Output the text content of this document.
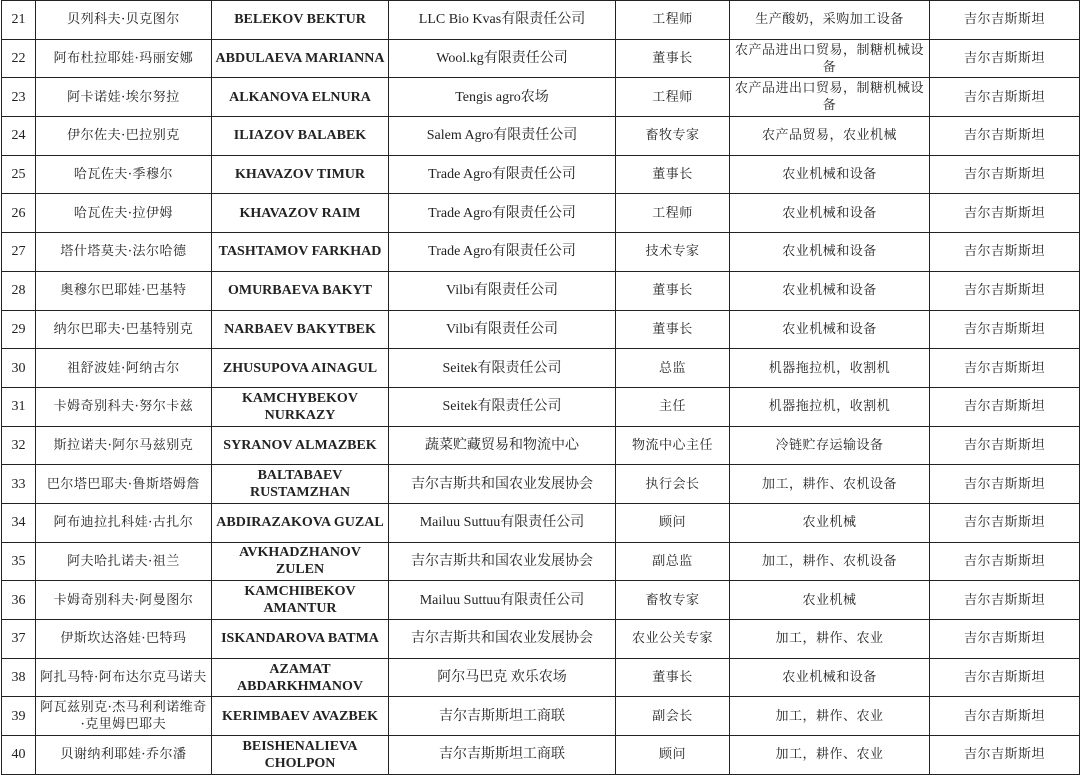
21	贝列科夫·贝克图尔	BELEKOV BEKTUR	LLC Bio Kvas有限责任公司	工程师	生产酸奶，采购加工设备	吉尔吉斯斯坦
22	阿布杜拉耶娃·玛丽安娜	ABDULAEVA MARIANNA	Wool.kg有限责任公司	董事长	农产品进出口贸易，制糖机械设备	吉尔吉斯斯坦
23	阿卡诺娃·埃尔努拉	ALKANOVA ELNURA	Tengis agro农场	工程师	农产品进出口贸易，制糖机械设备	吉尔吉斯斯坦
24	伊尔佐夫·巴拉别克	ILIAZOV BALABEK	Salem Agro有限责任公司	畜牧专家	农产品贸易，农业机械	吉尔吉斯斯坦
25	哈瓦佐夫·季穆尔	KHAVAZOV TIMUR	Trade Agro有限责任公司	董事长	农业机械和设备	吉尔吉斯斯坦
26	哈瓦佐夫·拉伊姆	KHAVAZOV RAIM	Trade Agro有限责任公司	工程师	农业机械和设备	吉尔吉斯斯坦
27	塔什塔莫夫·法尔哈德	TASHTAMOV FARKHAD	Trade Agro有限责任公司	技术专家	农业机械和设备	吉尔吉斯斯坦
28	奥穆尔巴耶娃·巴基特	OMURBAEVA BAKYT	Vilbi有限责任公司	董事长	农业机械和设备	吉尔吉斯斯坦
29	纳尔巴耶夫·巴基特别克	NARBAEV BAKYTBEK	Vilbi有限责任公司	董事长	农业机械和设备	吉尔吉斯斯坦
30	祖舒波娃·阿纳古尔	ZHUSUPOVA AINAGUL	Seitek有限责任公司	总监	机器拖拉机，收割机	吉尔吉斯斯坦
31	卡姆奇别科夫·努尔卡兹	KAMCHYBEKOV NURKAZY	Seitek有限责任公司	主任	机器拖拉机，收割机	吉尔吉斯斯坦
32	斯拉诺夫·阿尔马兹别克	SYRANOV ALMAZBEK	蔬菜贮藏贸易和物流中心	物流中心主任	冷链贮存运输设备	吉尔吉斯斯坦
33	巴尔塔巴耶夫·鲁斯塔姆詹	BALTABAEV RUSTAMZHAN	吉尔吉斯共和国农业发展协会	执行会长	加工，耕作、农机设备	吉尔吉斯斯坦
34	阿布迪拉扎科娃·古扎尔	ABDIRAZAKOVA GUZAL	Mailuu Suttuu有限责任公司	顾问	农业机械	吉尔吉斯斯坦
35	阿夫哈扎诺夫·祖兰	AVKHADZHANOV ZULEN	吉尔吉斯共和国农业发展协会	副总监	加工，耕作、农机设备	吉尔吉斯斯坦
36	卡姆奇别科夫·阿曼图尔	KAMCHIBEKOV AMANTUR	Mailuu Suttuu有限责任公司	畜牧专家	农业机械	吉尔吉斯斯坦
37	伊斯坎达洛娃·巴特玛	ISKANDAROVA BATMA	吉尔吉斯共和国农业发展协会	农业公关专家	加工，耕作、农业	吉尔吉斯斯坦
38	阿扎马特·阿布达尔克马诺夫	AZAMAT ABDARKHMANOV	阿尔马巴克 欢乐农场	董事长	农业机械和设备	吉尔吉斯斯坦
39	阿瓦兹别克·杰马利利诺维奇·克里姆巴耶夫	KERIMBAEV AVAZBEK	吉尔吉斯斯坦工商联	副会长	加工，耕作、农业	吉尔吉斯斯坦
40	贝谢纳利耶娃·乔尔潘	BEISHENALIEVA CHOLPON	吉尔吉斯斯坦工商联	顾问	加工，耕作、农业	吉尔吉斯斯坦
